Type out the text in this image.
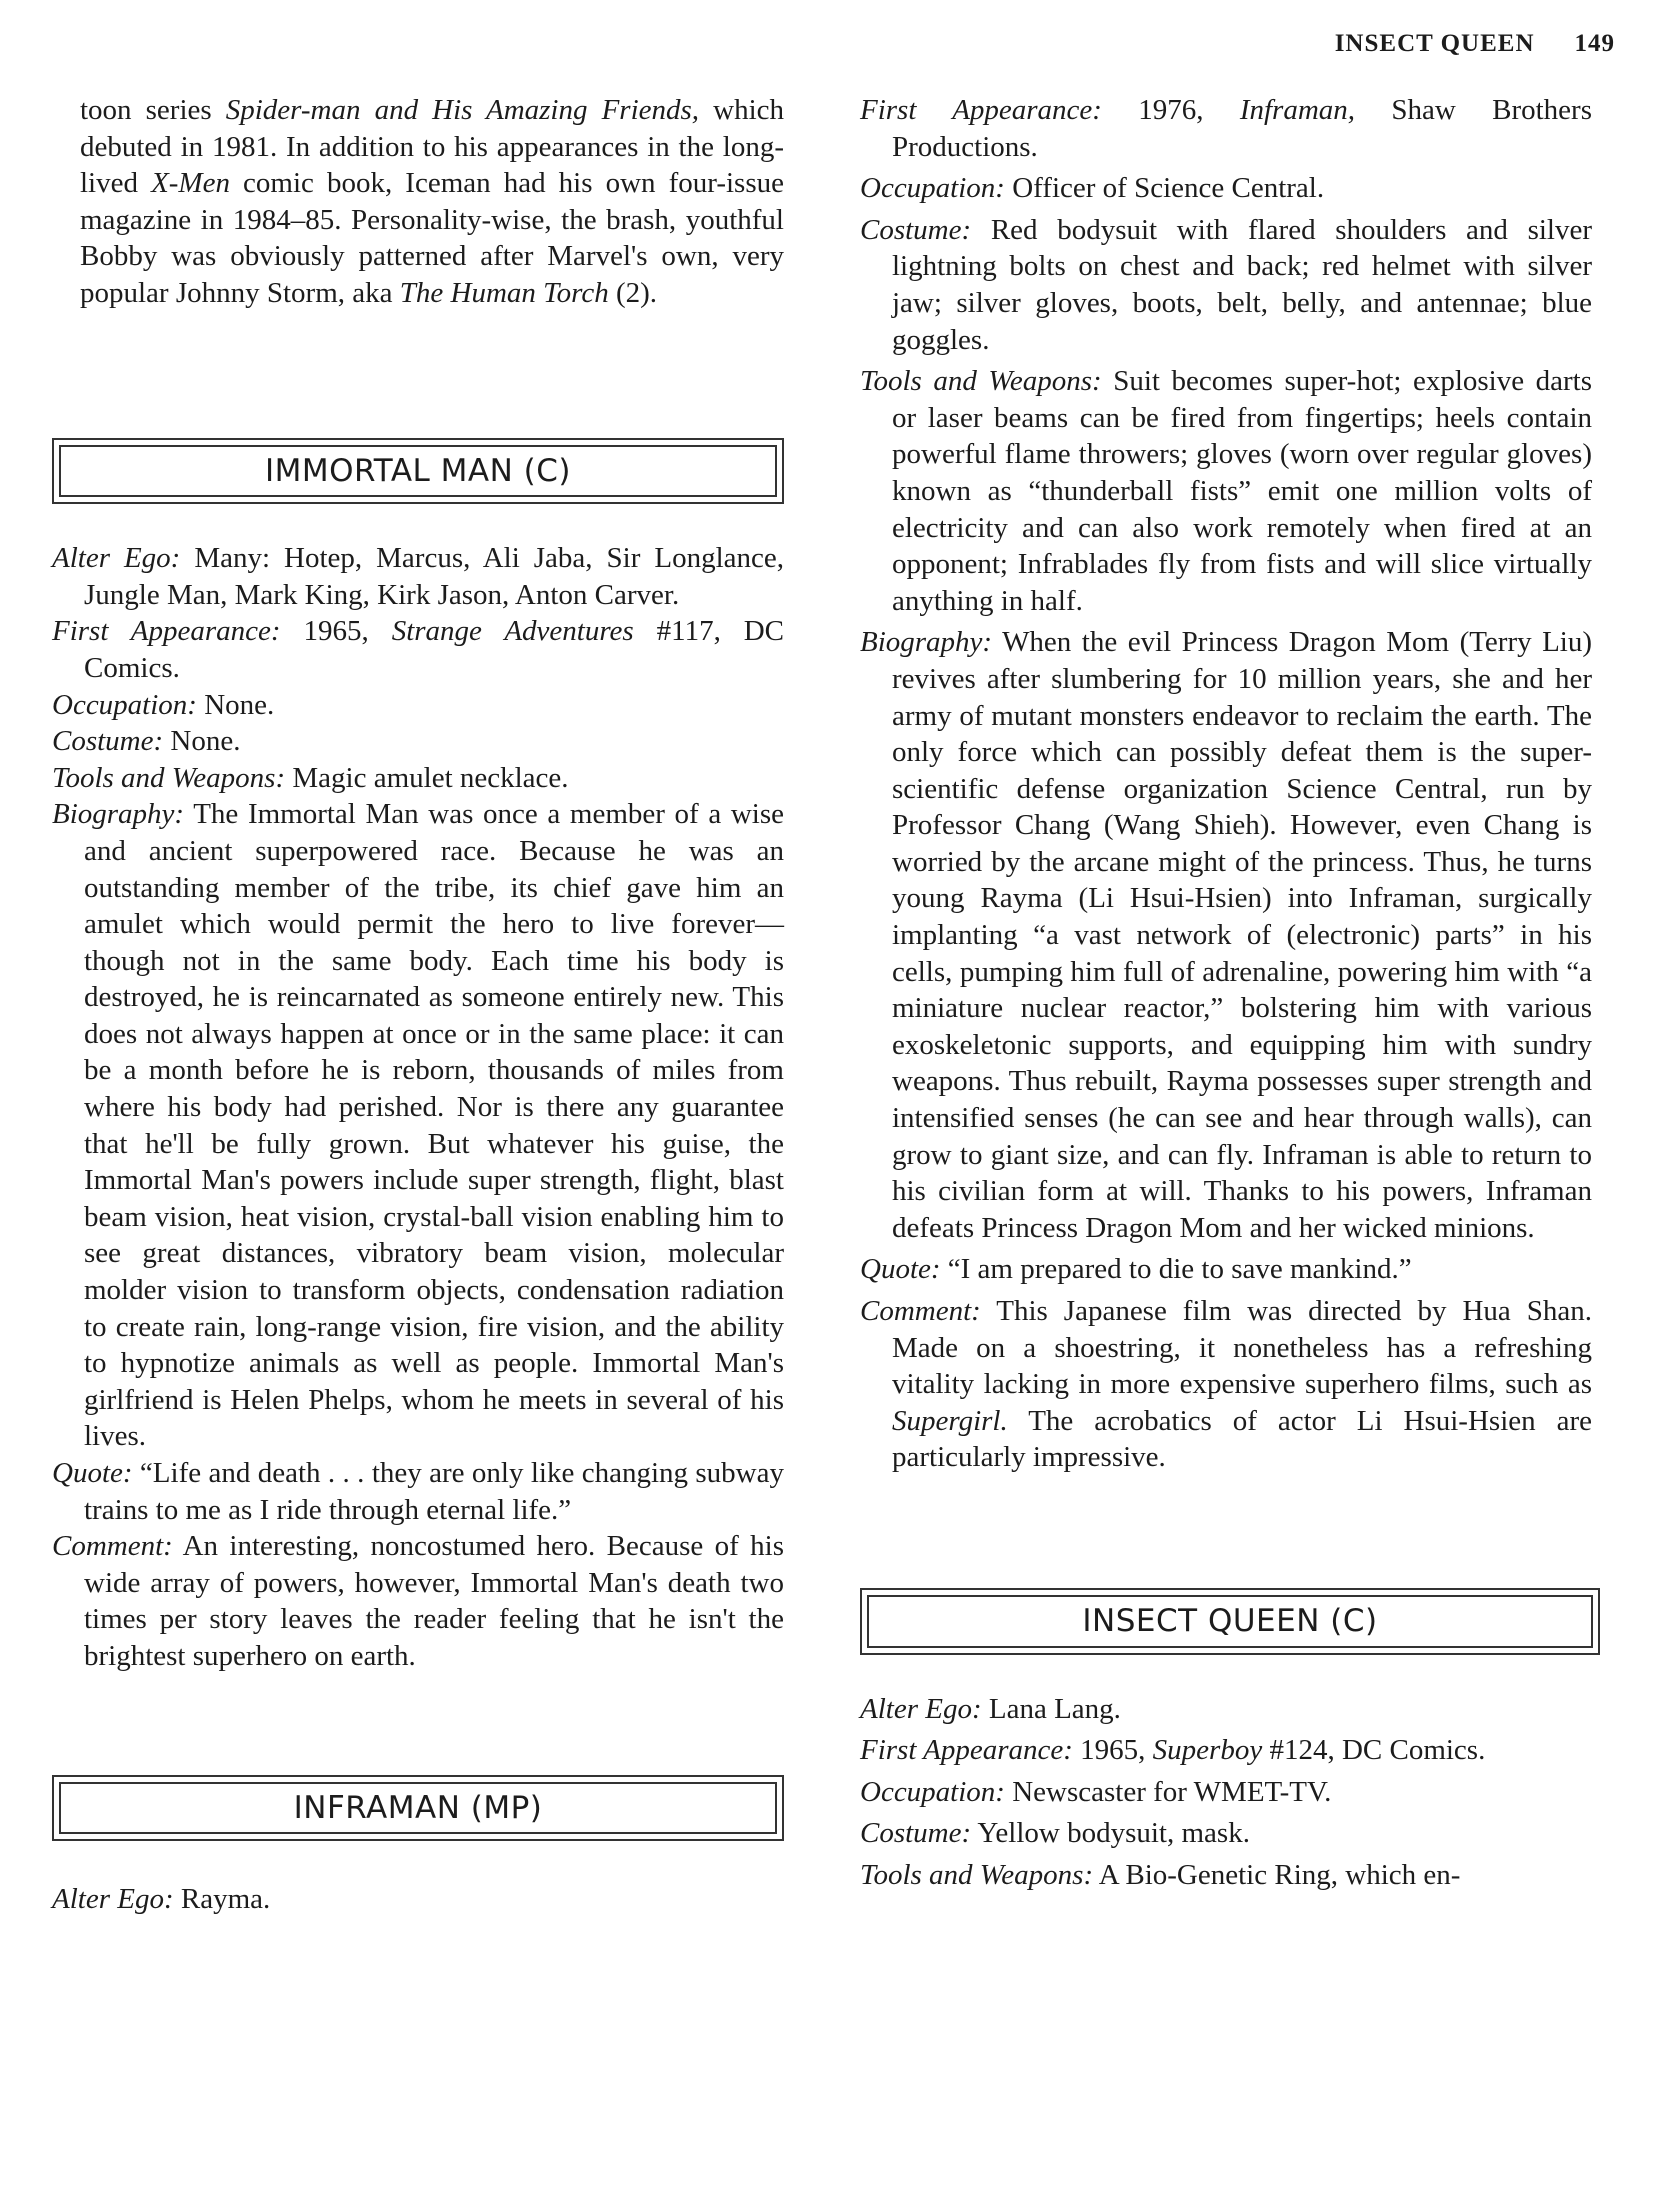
INSECT QUEEN 149

toon series Spider-man and His Amazing Friends, which debuted in 1981. In addition to his appearances in the long-lived X-Men comic book, Iceman had his own four-issue magazine in 1984–85. Personality-wise, the brash, youthful Bobby was obviously patterned after Marvel's own, very popular Johnny Storm, aka The Human Torch (2).

IMMORTAL MAN (C)

Alter Ego: Many: Hotep, Marcus, Ali Jaba, Sir Longlance, Jungle Man, Mark King, Kirk Jason, Anton Carver.

First Appearance: 1965, Strange Adventures #117, DC Comics.

Occupation: None.

Costume: None.

Tools and Weapons: Magic amulet necklace.

Biography: The Immortal Man was once a member of a wise and ancient superpowered race. Because he was an outstanding member of the tribe, its chief gave him an amulet which would permit the hero to live forever—though not in the same body. Each time his body is destroyed, he is reincarnated as someone entirely new. This does not always happen at once or in the same place: it can be a month before he is reborn, thousands of miles from where his body had perished. Nor is there any guarantee that he'll be fully grown. But whatever his guise, the Immortal Man's powers include super strength, flight, blast beam vision, heat vision, crystal-ball vision enabling him to see great distances, vibratory beam vision, molecular molder vision to transform objects, condensation radiation to create rain, long-range vision, fire vision, and the ability to hypnotize animals as well as people. Immortal Man's girlfriend is Helen Phelps, whom he meets in several of his lives.

Quote: “Life and death . . . they are only like changing subway trains to me as I ride through eternal life.”

Comment: An interesting, noncostumed hero. Because of his wide array of powers, however, Immortal Man's death two times per story leaves the reader feeling that he isn't the brightest superhero on earth.

INFRAMAN (MP)

Alter Ego: Rayma.

First Appearance: 1976, Inframan, Shaw Brothers Productions.

Occupation: Officer of Science Central.

Costume: Red bodysuit with flared shoulders and silver lightning bolts on chest and back; red helmet with silver jaw; silver gloves, boots, belt, belly, and antennae; blue goggles.

Tools and Weapons: Suit becomes super-hot; explosive darts or laser beams can be fired from fingertips; heels contain powerful flame throwers; gloves (worn over regular gloves) known as “thunderball fists” emit one million volts of electricity and can also work remotely when fired at an opponent; Infrablades fly from fists and will slice virtually anything in half.

Biography: When the evil Princess Dragon Mom (Terry Liu) revives after slumbering for 10 million years, she and her army of mutant monsters endeavor to reclaim the earth. The only force which can possibly defeat them is the super-scientific defense organization Science Central, run by Professor Chang (Wang Shieh). However, even Chang is worried by the arcane might of the princess. Thus, he turns young Rayma (Li Hsui-Hsien) into Inframan, surgically implanting “a vast network of (electronic) parts” in his cells, pumping him full of adrenaline, powering him with “a miniature nuclear reactor,” bolstering him with various exoskeletonic supports, and equipping him with sundry weapons. Thus rebuilt, Rayma possesses super strength and intensified senses (he can see and hear through walls), can grow to giant size, and can fly. Inframan is able to return to his civilian form at will. Thanks to his powers, Inframan defeats Princess Dragon Mom and her wicked minions.

Quote: “I am prepared to die to save mankind.”

Comment: This Japanese film was directed by Hua Shan. Made on a shoestring, it nonetheless has a refreshing vitality lacking in more expensive superhero films, such as Supergirl. The acrobatics of actor Li Hsui-Hsien are particularly impressive.

INSECT QUEEN (C)

Alter Ego: Lana Lang.

First Appearance: 1965, Superboy #124, DC Comics.

Occupation: Newscaster for WMET-TV.

Costume: Yellow bodysuit, mask.

Tools and Weapons: A Bio-Genetic Ring, which en-
